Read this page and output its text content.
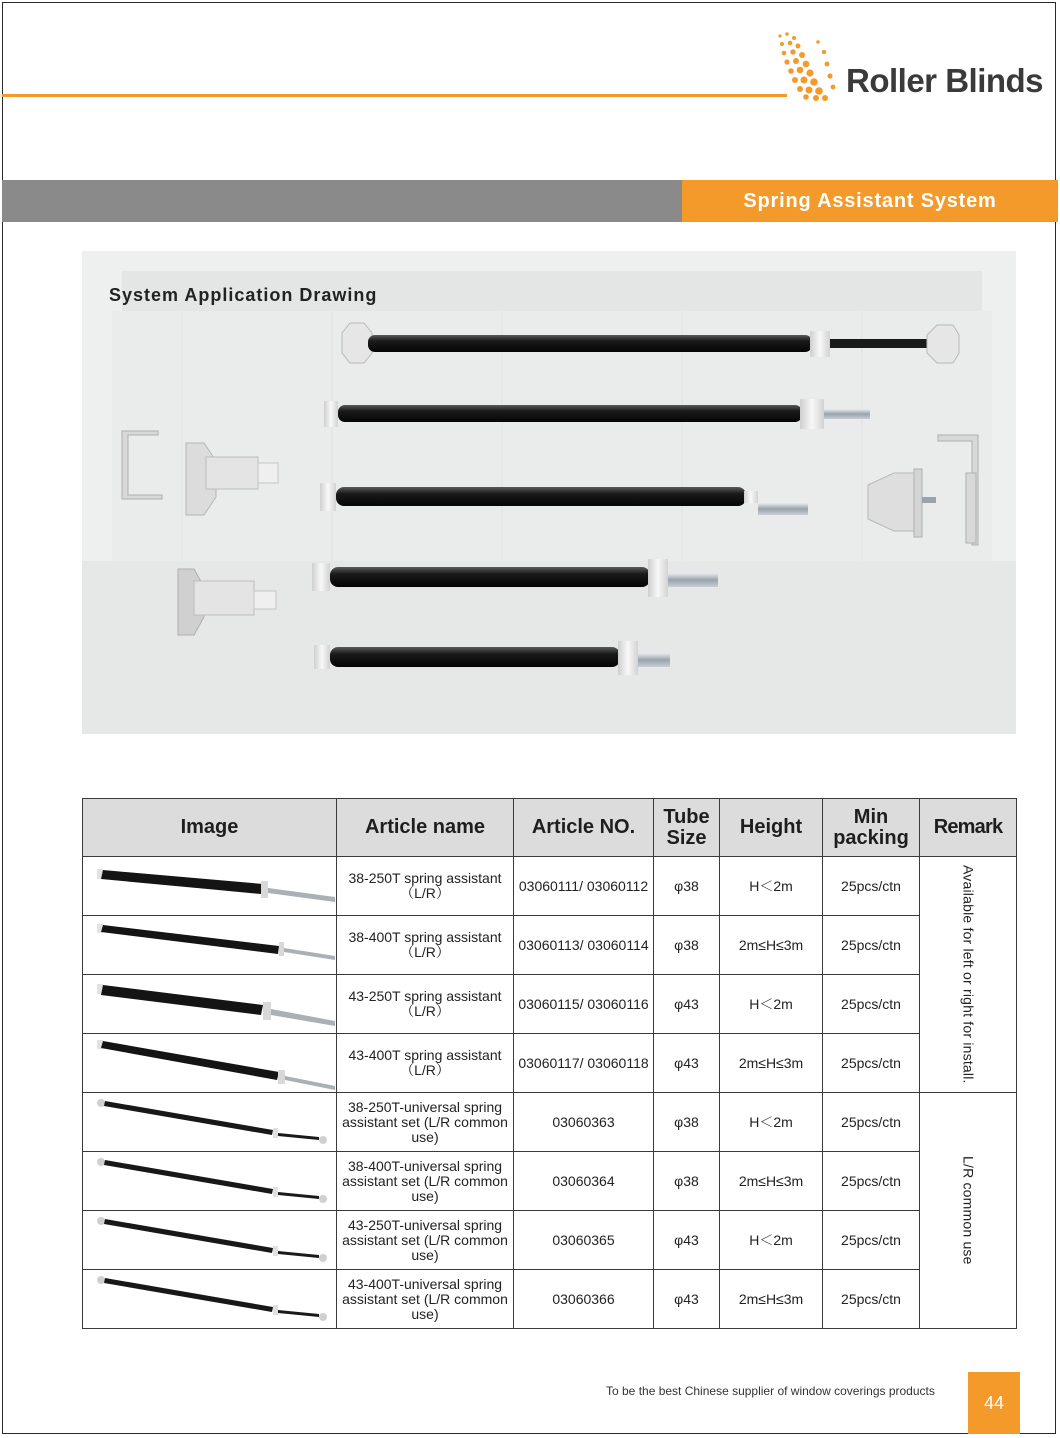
Roller Blinds
Spring Assistant System
System Application Drawing
Image	Article name	Article NO.	Tube Size	Height	Min packing	Remark

	38-250T spring assistant（L/R）	03060111/ 03060112	φ38	H＜2m	25pcs/ctn	Available for left or right for install.

	38-400T spring assistant（L/R）	03060113/ 03060114	φ38	2m≤H≤3m	25pcs/ctn	

	43-250T spring assistant（L/R）	03060115/ 03060116	φ43	H＜2m	25pcs/ctn	

	43-400T spring assistant（L/R）	03060117/ 03060118	φ43	2m≤H≤3m	25pcs/ctn	

	38-250T-universal spring assistant set (L/R common use)	03060363	φ38	H＜2m	25pcs/ctn	L/R common use

	38-400T-universal spring assistant set (L/R common use)	03060364	φ38	2m≤H≤3m	25pcs/ctn	

	43-250T-universal spring assistant set (L/R common use)	03060365	φ43	H＜2m	25pcs/ctn	

	43-400T-universal spring assistant set (L/R common use)	03060366	φ43	2m≤H≤3m	25pcs/ctn	
To be the best Chinese supplier of window coverings products
44
